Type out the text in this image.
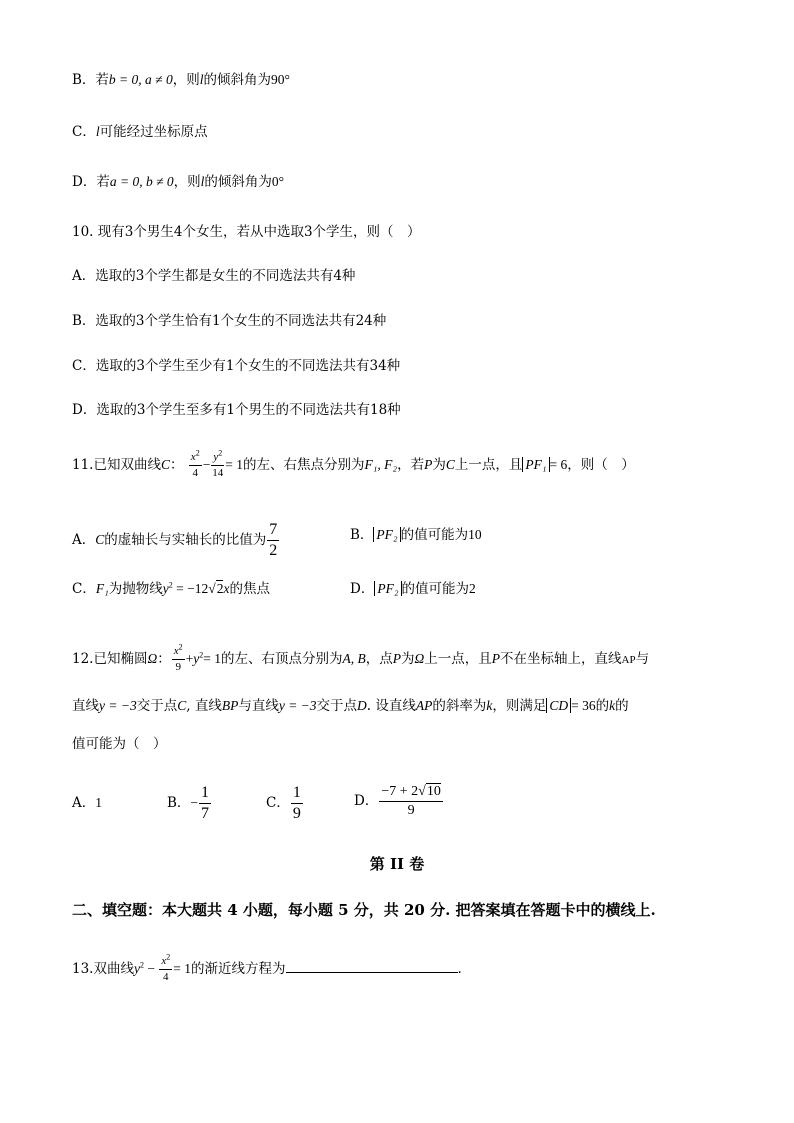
B．若b = 0, a ≠ 0，则l的倾斜角为90°
C．l可能经过坐标原点
D．若a = 0, b ≠ 0，则l的倾斜角为0°
10. 现有3个男生4个女生，若从中选取3个学生，则（　）
A．选取的3个学生都是女生的不同选法共有4种
B．选取的3个学生恰有1个女生的不同选法共有24种
C．选取的3个学生至少有1个女生的不同选法共有34种
D．选取的3个学生至多有1个男生的不同选法共有18种
11.已知双曲线C： $\frac{x^2}{4} - \frac{y^2}{14} = 1$的左、右焦点分别为F₁, F₂，若P为C上一点，且 PF₁ = 6，则（　）
A．C的虚轴长与实轴长的比值为 $\frac{7}{2}$	B． PF₂ 的值可能为10
C．F₁为抛物线$y^2 = -12√2x$的焦点	D． PF₂ 的值可能为2
12.已知椭圆Ω： $\frac{x^2}{9} +y^2= 1$的左、右顶点分别为A, B，点P为Ω上一点，且P不在坐标轴上，直线AP与
直线y = −3交于点C, 直线BP与直线y = −3交于点D. 设直线AP的斜率为k，则满足 CD = 36的k的
值可能为（　）
A．1	B．− $\frac{1}{7}$	C． $\frac{1}{9}$	D． $\frac{-7 + 2√10}{9}$
第 II 卷
二、填空题：本大题共 4 小题，每小题 5 分，共 20 分. 把答案填在答题卡中的横线上.
13.双曲线$y^2 - \frac{x^2}{4} = 1$的渐近线方程为	.
